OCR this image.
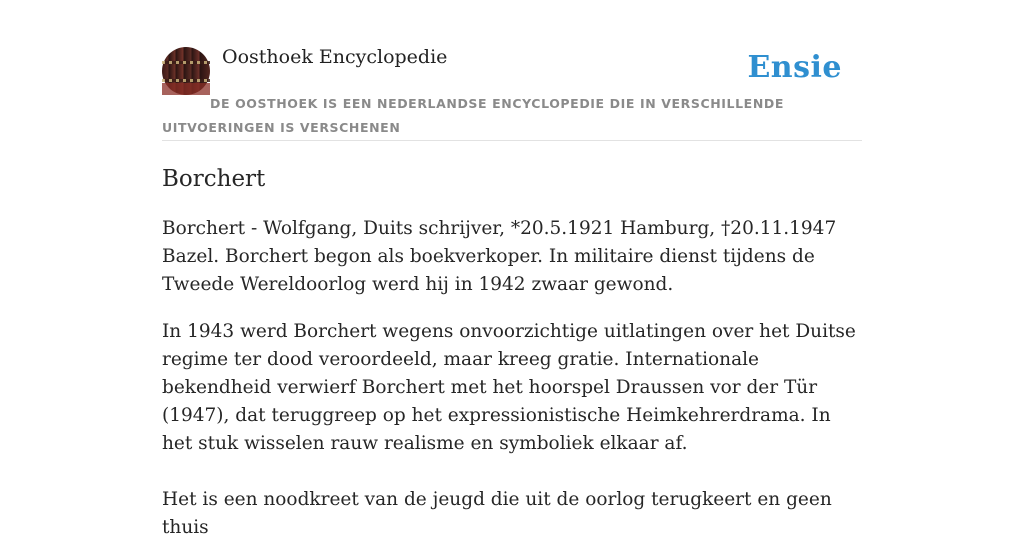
Oosthoek Encyclopedie	Ensie
DE OOSTHOEK IS EEN NEDERLANDSE ENCYCLOPEDIE DIE IN VERSCHILLENDE UITVOERINGEN IS VERSCHENEN
Borchert

Borchert - Wolfgang, Duits schrijver, *20.5.1921 Hamburg, †20.11.1947 Bazel. Borchert begon als boekverkoper. In militaire dienst tijdens de Tweede Wereldoorlog werd hij in 1942 zwaar gewond.

In 1943 werd Borchert wegens onvoorzichtige uitlatingen over het Duitse regime ter dood veroordeeld, maar kreeg gratie. Internationale bekendheid verwierf Borchert met het hoorspel Draussen vor der Tür (1947), dat teruggreep op het expressionistische Heimkehrerdrama. In het stuk wisselen rauw realisme en symboliek elkaar af.

Het is een noodkreet van de jeugd die uit de oorlog terugkeert en geen thuis
